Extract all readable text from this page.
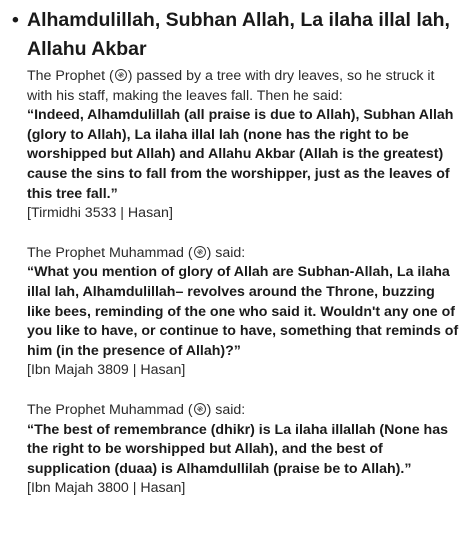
• Alhamdulillah, Subhan Allah, La ilaha illal lah, Allahu Akbar

The Prophet ( ) passed by a tree with dry leaves, so he struck it with his staff, making the leaves fall. Then he said:

“Indeed, Alhamdulillah (all praise is due to Allah), Subhan Allah (glory to Allah), La ilaha illal lah (none has the right to be worshipped but Allah) and Allahu Akbar (Allah is the greatest) cause the sins to fall from the worshipper, just as the leaves of this tree fall.”

[Tirmidhi 3533 | Hasan]

The Prophet Muhammad ( ) said:

“What you mention of glory of Allah are Subhan-Allah, La ilaha illal lah, Alhamdulillah– revolves around the Throne, buzzing like bees, reminding of the one who said it. Wouldn't any one of you like to have, or continue to have, something that reminds of him (in the presence of Allah)?”

[Ibn Majah 3809 | Hasan]

The Prophet Muhammad ( ) said:

“The best of remembrance (dhikr) is La ilaha illallah (None has the right to be worshipped but Allah), and the best of supplication (duaa) is Alhamdullilah (praise be to Allah).”

[Ibn Majah 3800 | Hasan]
